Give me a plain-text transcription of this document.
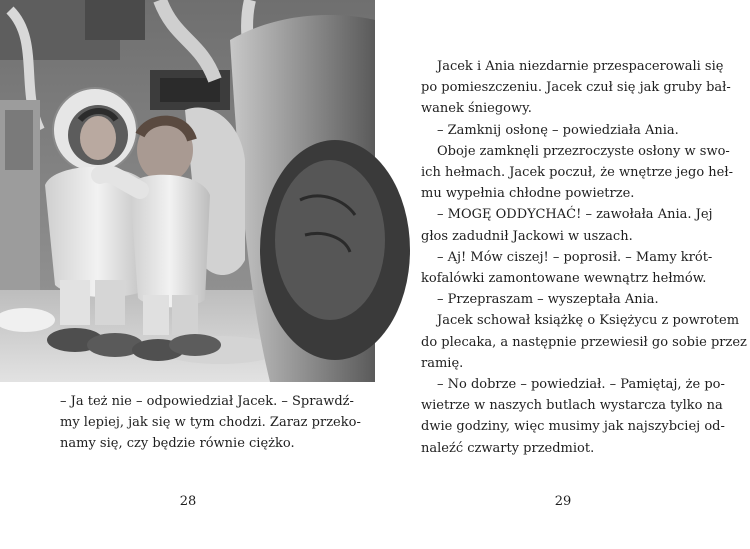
– Ja też nie – odpowiedział Jacek. – Sprawdź-
my lepiej, jak się w tym chodzi. Zaraz przeko-
namy się, czy będzie równie ciężko.

28
Jacek i Ania niezdarnie przespacerowali się
po pomieszczeniu. Jacek czuł się jak gruby bał-
wanek śniegowy.
– Zamknij osłonę – powiedziała Ania.
Oboje zamknęli przezroczyste osłony w swo-
ich hełmach. Jacek poczuł, że wnętrze jego heł-
mu wypełnia chłodne powietrze.
– MOGĘ ODDYCHAĆ! – zawołała Ania. Jej
głos zadudnił Jackowi w uszach.
– Aj! Mów ciszej! – poprosił. – Mamy krót-
kofalówki zamontowane wewnątrz hełmów.
– Przepraszam – wyszeptała Ania.
Jacek schował książkę o Księżycu z powrotem
do plecaka, a następnie przewiesił go sobie przez
ramię.
– No dobrze – powiedział. – Pamiętaj, że po-
wietrze w naszych butlach wystarcza tylko na
dwie godziny, więc musimy jak najszybciej od-
naleźć czwarty przedmiot.
29
